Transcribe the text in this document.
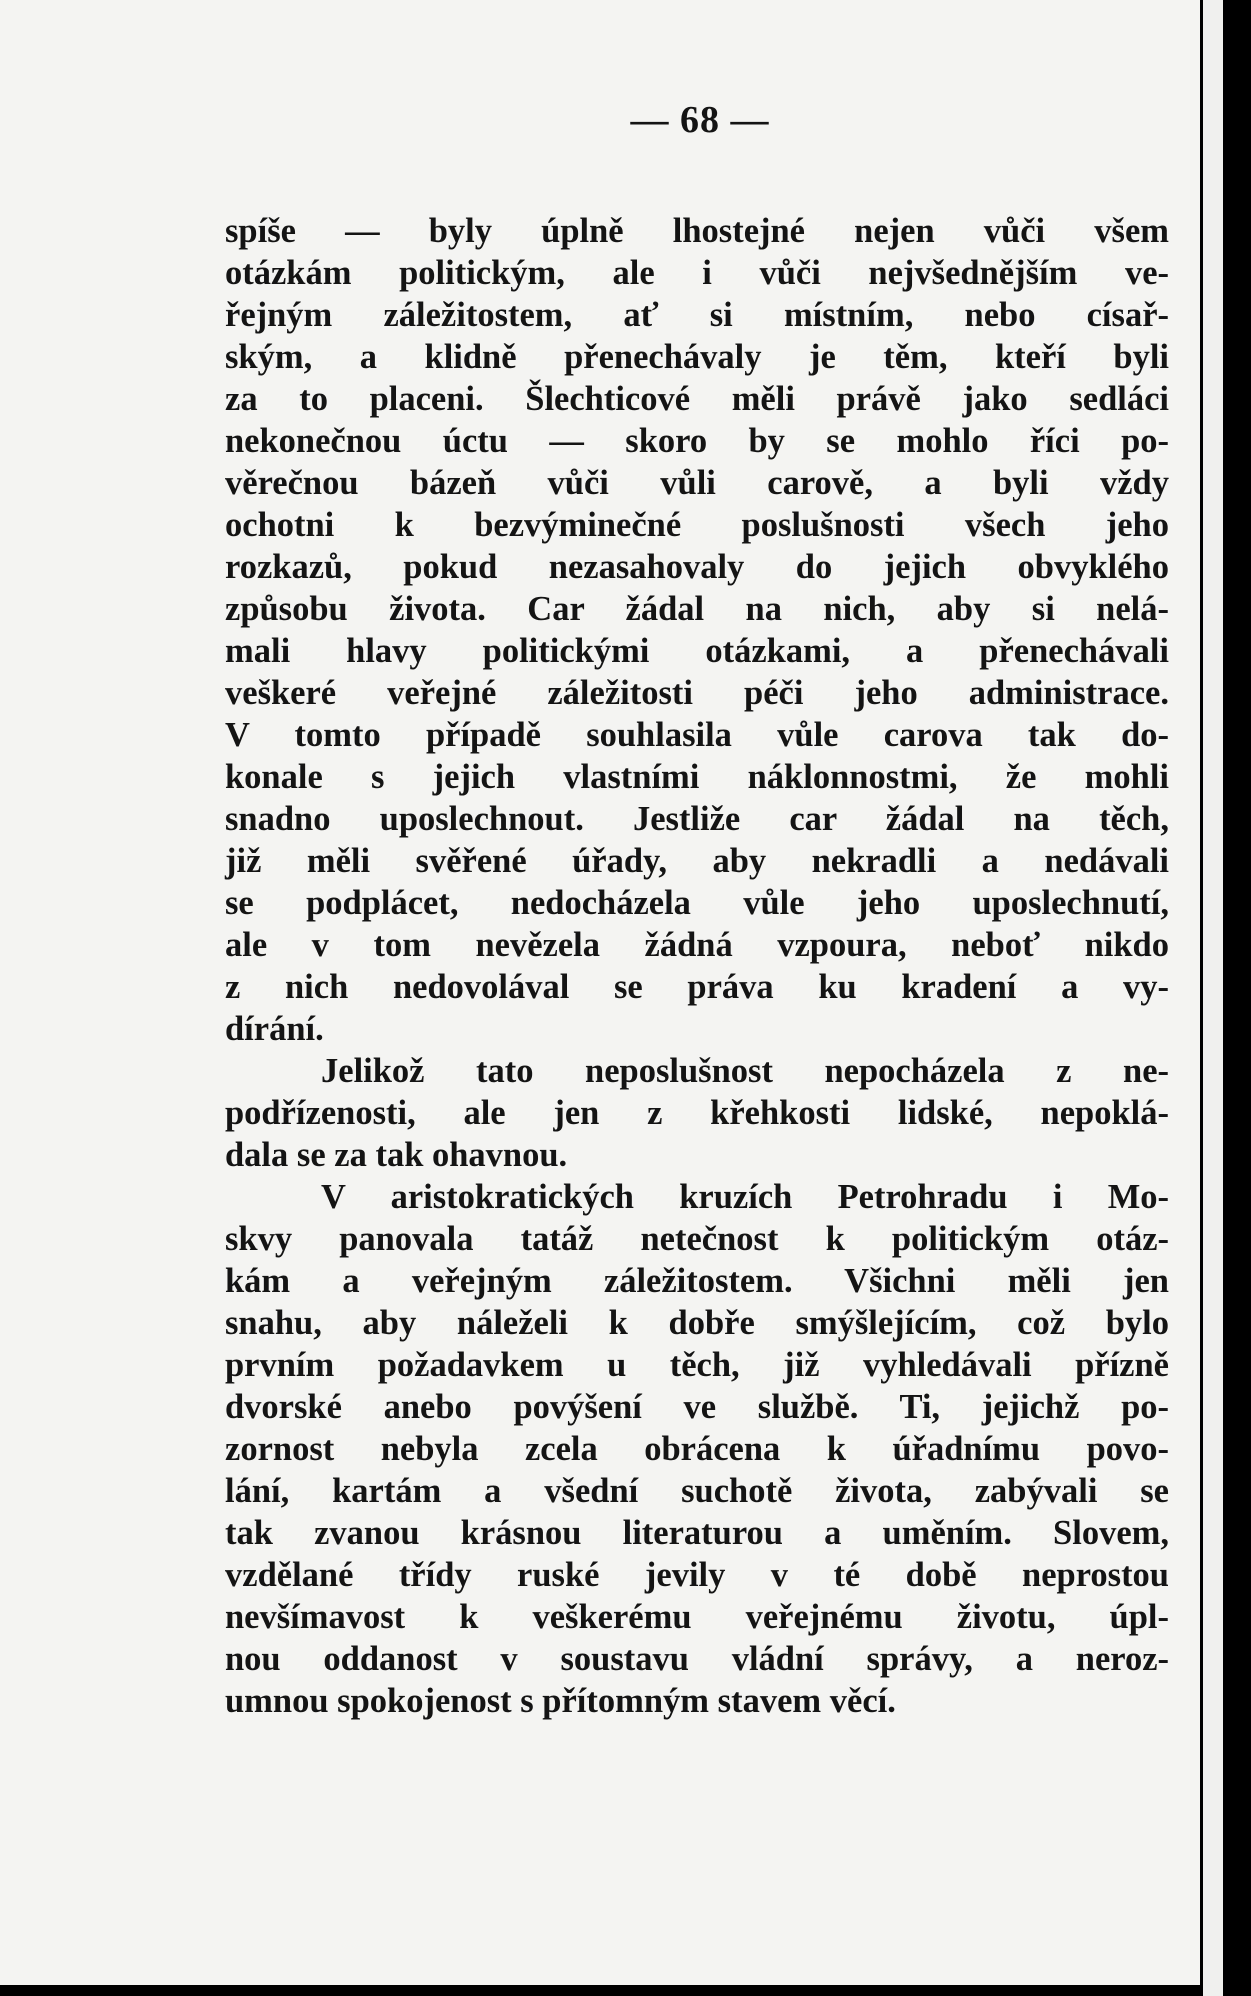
— 68 —
spíše — byly úplně lhostejné nejen vůči všem
otázkám politickým, ale i vůči nejvšednějším ve-
řejným záležitostem, ať si místním, nebo císař-
ským, a klidně přenechávaly je těm, kteří byli
za to placeni. Šlechticové měli právě jako sedláci
nekonečnou úctu — skoro by se mohlo říci po-
věrečnou bázeň vůči vůli carově, a byli vždy
ochotni k bezvýminečné poslušnosti všech jeho
rozkazů, pokud nezasahovaly do jejich obvyklého
způsobu života. Car žádal na nich, aby si nelá-
mali hlavy politickými otázkami, a přenechávali
veškeré veřejné záležitosti péči jeho administrace.
V tomto případě souhlasila vůle carova tak do-
konale s jejich vlastními náklonnostmi, že mohli
snadno uposlechnout. Jestliže car žádal na těch,
již měli svěřené úřady, aby nekradli a nedávali
se podplácet, nedocházela vůle jeho uposlechnutí,
ale v tom nevězela žádná vzpoura, neboť nikdo
z nich nedovolával se práva ku kradení a vy-
dírání.
Jelikož tato neposlušnost nepocházela z ne-
podřízenosti, ale jen z křehkosti lidské, nepoklá-
dala se za tak ohavnou.
V aristokratických kruzích Petrohradu i Mo-
skvy panovala tatáž netečnost k politickým otáz-
kám a veřejným záležitostem. Všichni měli jen
snahu, aby náleželi k dobře smýšlejícím, což bylo
prvním požadavkem u těch, již vyhledávali přízně
dvorské anebo povýšení ve službě. Ti, jejichž po-
zornost nebyla zcela obrácena k úřadnímu povo-
lání, kartám a všední suchotě života, zabývali se
tak zvanou krásnou literaturou a uměním. Slovem,
vzdělané třídy ruské jevily v té době neprostou
nevšímavost k veškerému veřejnému životu, úpl-
nou oddanost v soustavu vládní správy, a neroz-
umnou spokojenost s přítomným stavem věcí.
